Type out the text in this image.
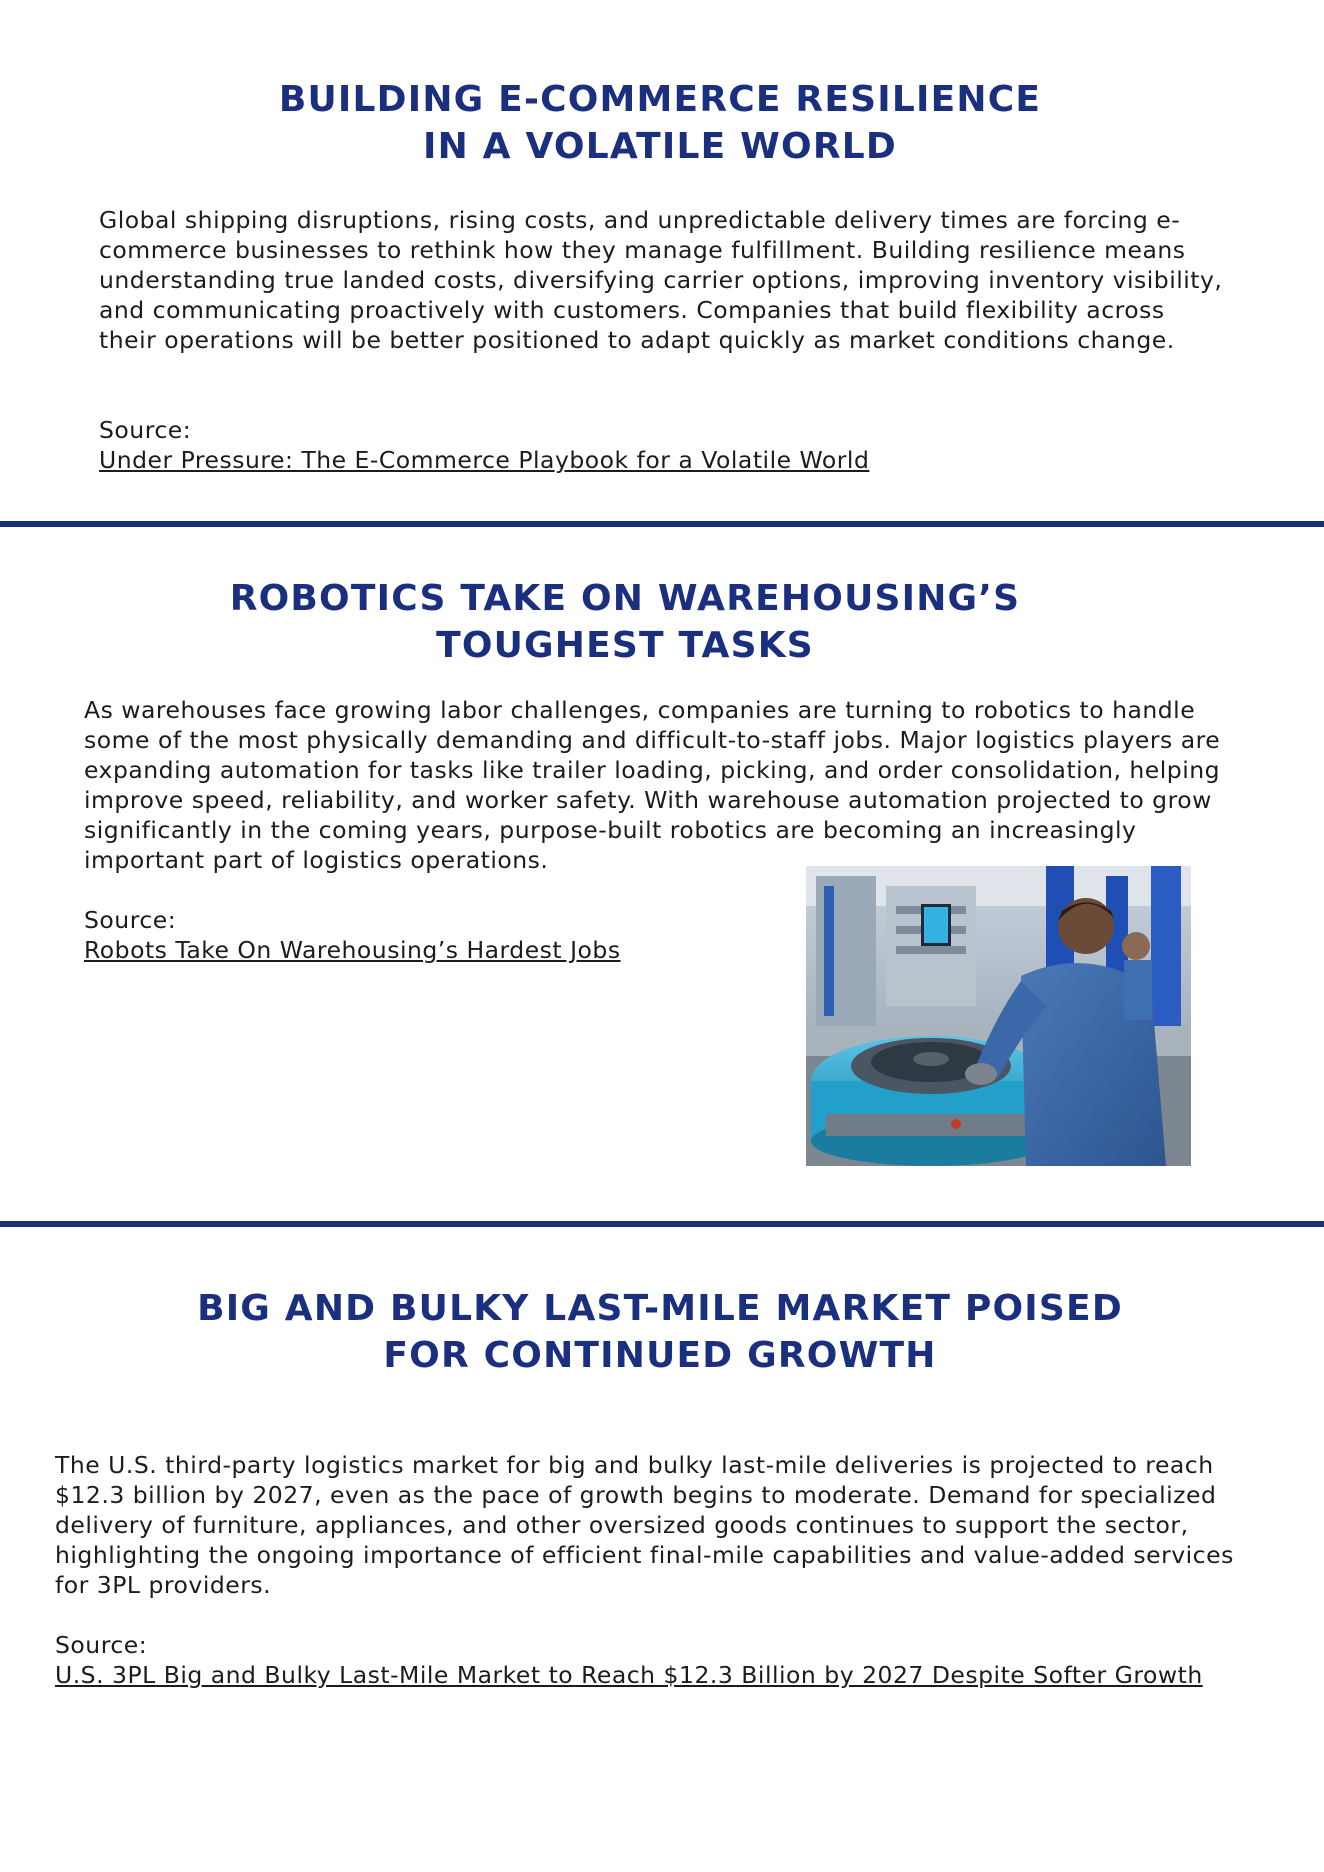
BUILDING E-COMMERCE RESILIENCE IN A VOLATILE WORLD

Global shipping disruptions, rising costs, and unpredictable delivery times are forcing e-commerce businesses to rethink how they manage fulfillment. Building resilience means understanding true landed costs, diversifying carrier options, improving inventory visibility, and communicating proactively with customers. Companies that build flexibility across their operations will be better positioned to adapt quickly as market conditions change.

Source:
Under Pressure: The E-Commerce Playbook for a Volatile World
ROBOTICS TAKE ON WAREHOUSING’S TOUGHEST TASKS

As warehouses face growing labor challenges, companies are turning to robotics to handle some of the most physically demanding and difficult-to-staff jobs. Major logistics players are expanding automation for tasks like trailer loading, picking, and order consolidation, helping improve speed, reliability, and worker safety. With warehouse automation projected to grow significantly in the coming years, purpose-built robotics are becoming an increasingly important part of logistics operations.

Source:
Robots Take On Warehousing’s Hardest Jobs
BIG AND BULKY LAST-MILE MARKET POISED FOR CONTINUED GROWTH

The U.S. third-party logistics market for big and bulky last-mile deliveries is projected to reach $12.3 billion by 2027, even as the pace of growth begins to moderate. Demand for specialized delivery of furniture, appliances, and other oversized goods continues to support the sector, highlighting the ongoing importance of efficient final-mile capabilities and value-added services for 3PL providers.

Source:
U.S. 3PL Big and Bulky Last-Mile Market to Reach $12.3 Billion by 2027 Despite Softer Growth
